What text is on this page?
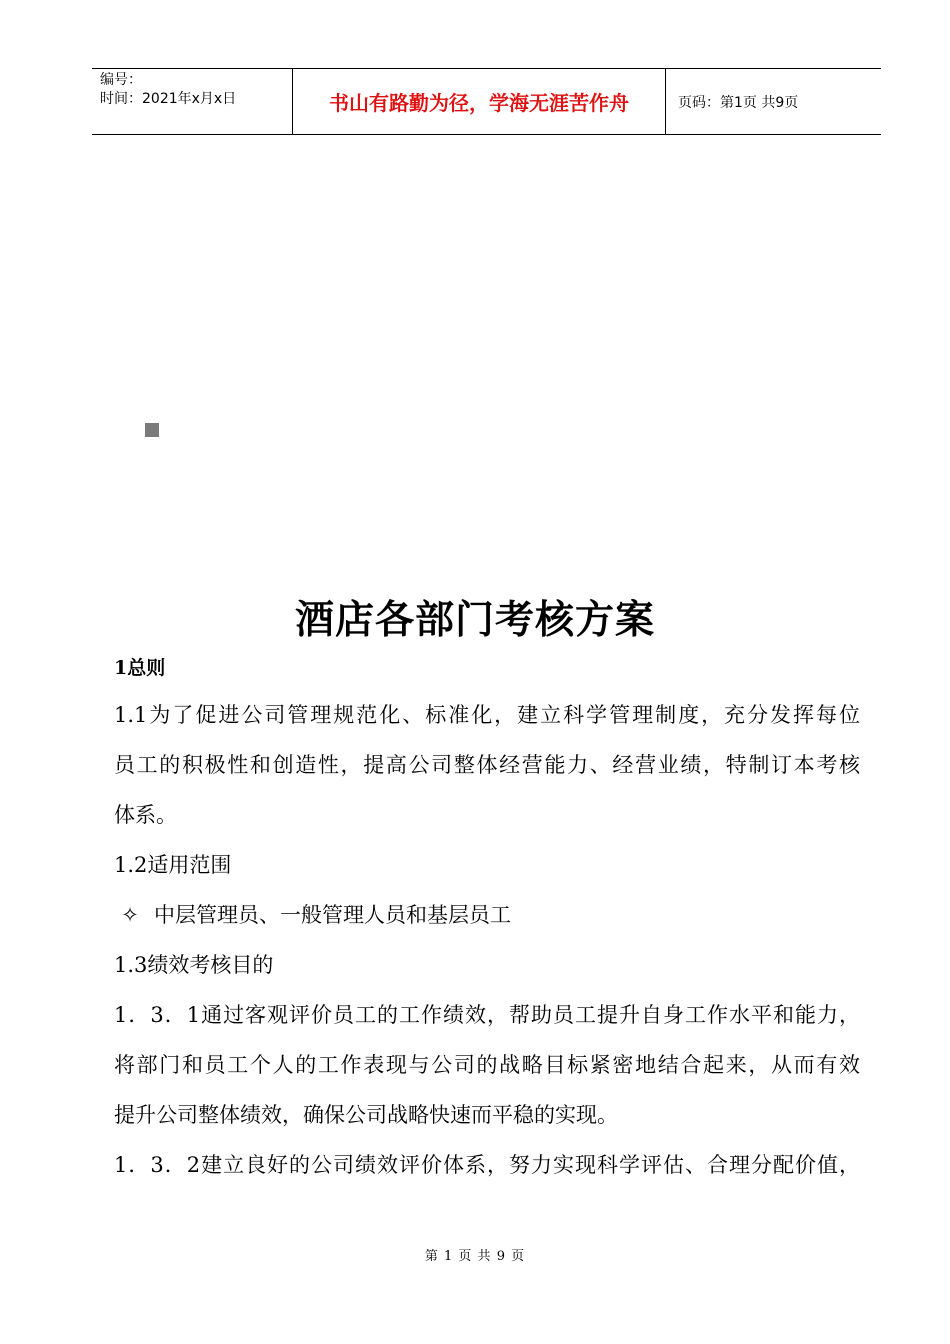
编号：
时间：2021年x月x日	书山有路勤为径，学海无涯苦作舟	页码：第1页 共9页
酒店各部门考核方案
1总则
1.1为了促进公司管理规范化、标准化，建立科学管理制度，充分发挥每位
员工的积极性和创造性，提高公司整体经营能力、经营业绩，特制订本考核
体系。
1.2适用范围
✧ 中层管理员、一般管理人员和基层员工
1.3绩效考核目的
1．3．1通过客观评价员工的工作绩效，帮助员工提升自身工作水平和能力，
将部门和员工个人的工作表现与公司的战略目标紧密地结合起来，从而有效
提升公司整体绩效，确保公司战略快速而平稳的实现。
1．3．2建立良好的公司绩效评价体系，努力实现科学评估、合理分配价值，
第 1 页 共 9 页
